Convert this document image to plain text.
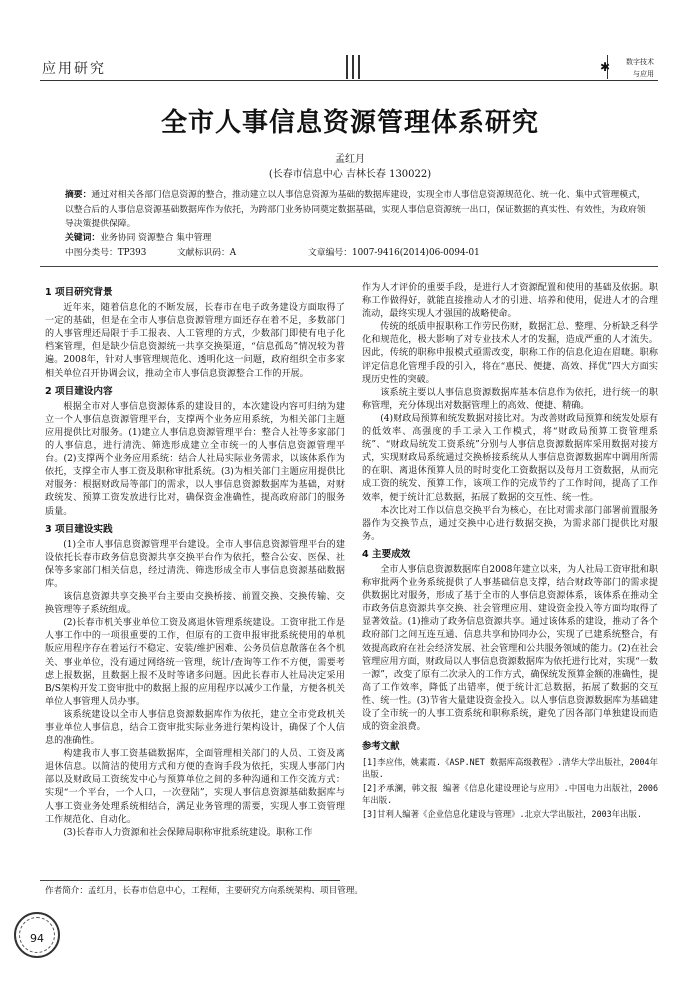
应用研究	✱ 数字技术
与应用
全市人事信息资源管理体系研究
孟红月
(长春市信息中心 吉林长春 130022)
摘要：通过对相关各部门信息资源的整合，推动建立以人事信息资源为基础的数据库建设，实现全市人事信息资源规范化、统一化、集中式管理模式，以整合后的人事信息资源基础数据库作为依托，为跨部门业务协同奠定数据基础，实现人事信息资源统一出口，保证数据的真实性、有效性，为政府领导决策提供保障。
关键词：业务协同 资源整合 集中管理
中图分类号：TP393	文献标识码：A	文章编号：1007-9416(2014)06-0094-01
1 项目研究背景

近年来，随着信息化的不断发展，长春市在电子政务建设方面取得了一定的基础，但是在全市人事信息资源管理方面还存在着不足，多数部门的人事管理还局限于手工报表、人工管理的方式，少数部门即使有电子化档案管理，但是缺少信息资源统一共享交换渠道，“信息孤岛”情况较为普遍。2008年，针对人事管理规范化、透明化这一问题，政府组织全市多家相关单位召开协调会议，推动全市人事信息资源整合工作的开展。

2 项目建设内容

根据全市对人事信息资源体系的建设目的，本次建设内容可归纳为建立一个人事信息资源管理平台，支撑两个业务应用系统，为相关部门主题应用提供比对服务。(1)建立人事信息资源管理平台：整合人社等多家部门的人事信息，进行清洗、筛选形成建立全市统一的人事信息资源管理平台。(2)支撑两个业务应用系统：结合人社局实际业务需求，以该体系作为依托，支撑全市人事工资及职称审批系统。(3)为相关部门主题应用提供比对服务：根据财政局等部门的需求，以人事信息资源数据库为基础，对财政统发、预算工资发放进行比对，确保资金准确性，提高政府部门的服务质量。

3 项目建设实践

(1)全市人事信息资源管理平台建设。全市人事信息资源管理平台的建设依托长春市政务信息资源共享交换平台作为依托，整合公安、医保、社保等多家部门相关信息，经过清洗、筛选形成全市人事信息资源基础数据库。

该信息资源共享交换平台主要由交换桥接、前置交换、交换传输、交换管理等子系统组成。

(2)长春市机关事业单位工资及离退休管理系统建设。工资审批工作是人事工作中的一项很重要的工作，但原有的工资申报审批系统使用的单机版应用程序存在着运行不稳定、安装/维护困难、公务员信息散落在各个机关、事业单位，没有通过网络统一管理，统计/查询等工作不方便，需要考虑上报数据，且数据上报不及时等诸多问题。因此长春市人社局决定采用B/S架构开发工资审批中的数据上报的应用程序以减少工作量，方便各机关单位人事管理人员办事。

该系统建设以全市人事信息资源数据库作为依托，建立全市党政机关事业单位人事信息，结合工资审批实际业务进行架构设计，确保了个人信息的准确性。

构建我市人事工资基础数据库，全面管理相关部门的人员、工资及离退休信息。以简洁的使用方式和方便的查询手段为依托，实现人事部门内部以及财政局工资统发中心与预算单位之间的多种沟通和工作交流方式：实现“一个平台，一个人口，一次登陆”，实现人事信息资源基础数据库与人事工资业务处理系统相结合，满足业务管理的需要，实现人事工资管理工作规范化、自动化。

(3)长春市人力资源和社会保障局职称审批系统建设。职称工作

作为人才评价的重要手段，是进行人才资源配置和使用的基础及依据。职称工作做得好，就能直接推动人才的引进、培养和使用，促进人才的合理流动，最终实现人才强国的战略使命。

传统的纸质申报职称工作劳民伤财，数据汇总、整理、分析缺乏科学化和规范化，极大影响了对专业技术人才的发掘，造成严重的人才流失。因此，传统的职称申报模式亟需改变，职称工作的信息化迫在眉睫。职称评定信息化管理手段的引入，将在“惠民、便捷、高效、择优”四大方面实现历史性的突破。

该系统主要以人事信息资源数据库基本信息作为依托，进行统一的职称管理，充分体现出对数据管理上的高效、便捷、精确。

(4)财政局预算和统发数据对接比对。为改善财政局预算和统发处原有的低效率、高强度的手工录入工作模式，将“财政局预算工资管理系统”、“财政局统发工资系统”分别与人事信息资源数据库采用数据对接方式，实现财政局系统通过交换桥接系统从人事信息资源数据库中调用所需的在职、离退休预算人员的时时变化工资数据以及每月工资数据，从而完成工资的统发、预算工作，该项工作的完成节约了工作时间，提高了工作效率，便于统计汇总数据，拓展了数据的交互性、统一性。

本次比对工作以信息交换平台为核心，在比对需求部门部署前置服务器作为交换节点，通过交换中心进行数据交换，为需求部门提供比对服务。

4 主要成效

全市人事信息资源数据库自2008年建立以来，为人社局工资审批和职称审批两个业务系统提供了人事基础信息支撑，结合财政等部门的需求提供数据比对服务，形成了基于全市的人事信息资源体系，该体系在推动全市政务信息资源共享交换、社会管理应用、建设资金投入等方面均取得了显著效益。(1)推动了政务信息资源共享。通过该体系的建设，推动了各个政府部门之间互连互通、信息共享和协同办公，实现了已建系统整合，有效提高政府在社会经济发展、社会管理和公共服务领域的能力。(2)在社会管理应用方面，财政局以人事信息资源数据库为依托进行比对，实现“一数一源”，改变了原有二次录入的工作方式，确保统发预算金额的准确性，提高了工作效率，降低了出错率，便于统计汇总数据，拓展了数据的交互性、统一性。(3)节省大量建设资金投入。以人事信息资源数据库为基础建设了全市统一的人事工资系统和职称系统，避免了因各部门单独建设而造成的资金浪费。

参考文献

[1]李应伟，姚素霞.《ASP.NET 数据库高级教程》.清华大学出版社，2004年出版.

[2]矛承澜，韩文报 编著《信息化建设理论与应用》.中国电力出版社，2006年出版.

[3]甘利人编著《企业信息化建设与管理》.北京大学出版社，2003年出版.

作者简介：孟红月，长春市信息中心，工程师，主要研究方向系统架构、项目管理。
94
